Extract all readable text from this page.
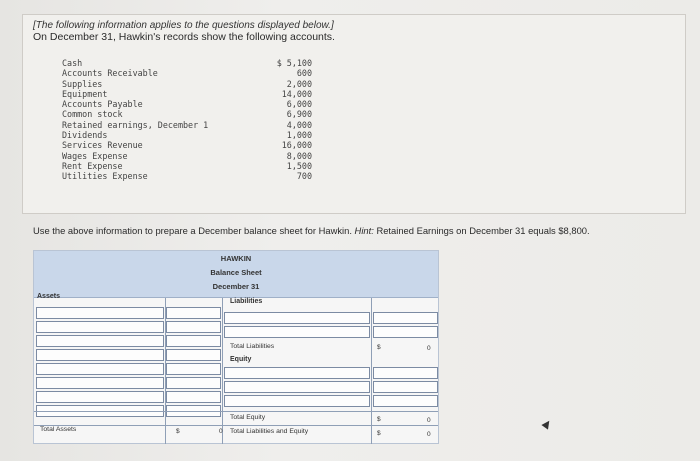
[The following information applies to the questions displayed below.]
On December 31, Hawkin's records show the following accounts.
Cash	$ 5,100
Accounts Receivable	600
Supplies	2,000
Equipment	14,000
Accounts Payable	6,000
Common stock	6,900
Retained earnings, December 1	4,000
Dividends	1,000
Services Revenue	16,000
Wages Expense	8,000
Rent Expense	1,500
Utilities Expense	700
Use the above information to prepare a December balance sheet for Hawkin. Hint: Retained Earnings on December 31 equals $8,800.
HAWKIN
Balance Sheet
December 31
Assets
Liabilities
Total Liabilities	$	0
Equity
Total Equity	$	0
Total Assets	$	0 Total Liabilities and Equity	$	0
